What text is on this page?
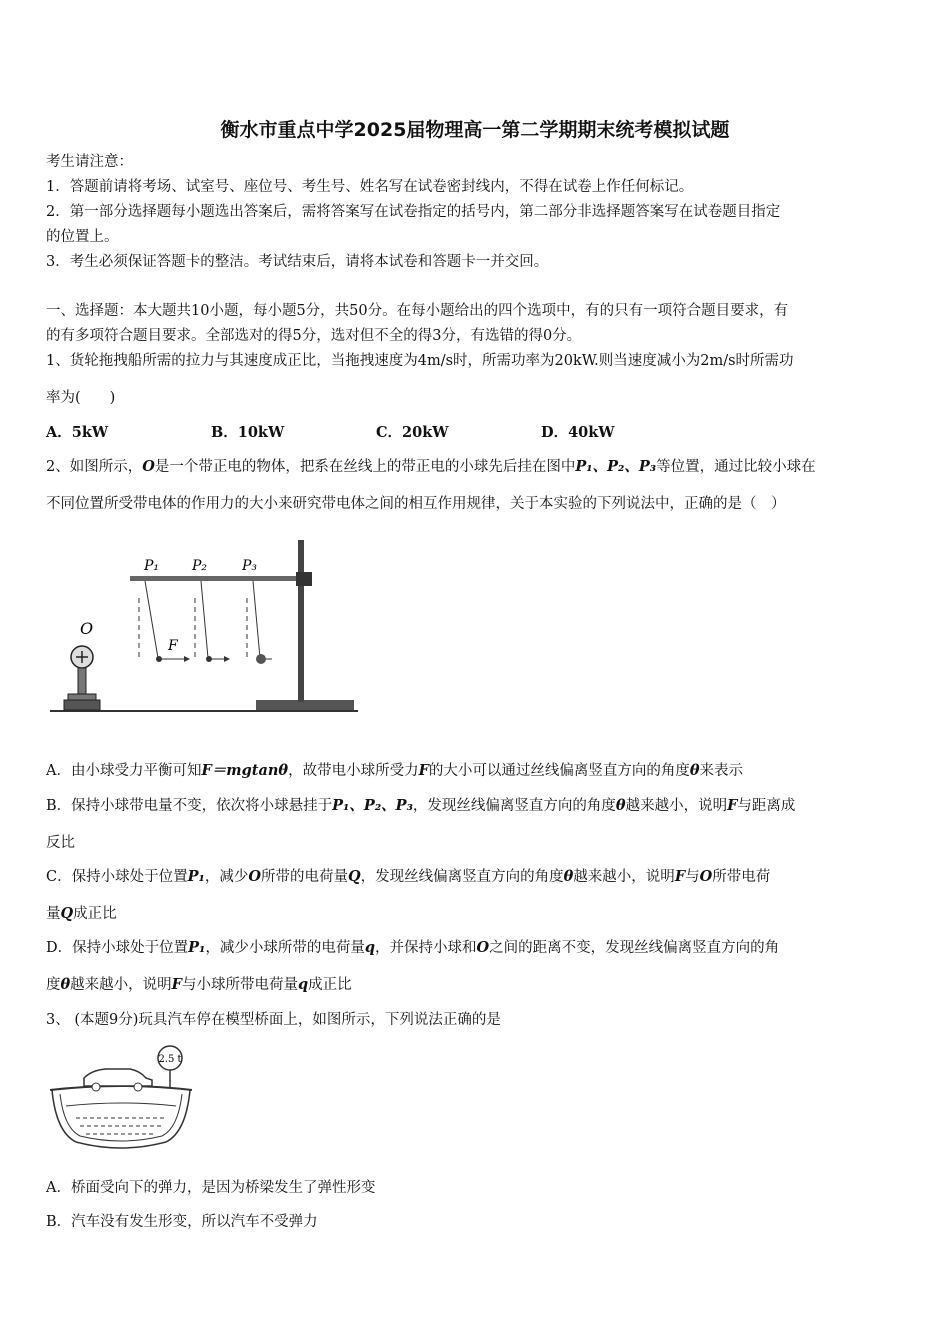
衡水市重点中学2025届物理高一第二学期期末统考模拟试题
考生请注意：
1．答题前请将考场、试室号、座位号、考生号、姓名写在试卷密封线内，不得在试卷上作任何标记。
2．第一部分选择题每小题选出答案后，需将答案写在试卷指定的括号内，第二部分非选择题答案写在试卷题目指定
的位置上。
3．考生必须保证答题卡的整洁。考试结束后，请将本试卷和答题卡一并交回。
一、选择题：本大题共10小题，每小题5分，共50分。在每小题给出的四个选项中，有的只有一项符合题目要求，有
的有多项符合题目要求。全部选对的得5分，选对但不全的得3分，有选错的得0分。
1、货轮拖拽船所需的拉力与其速度成正比，当拖拽速度为4m/s时，所需功率为20kW.则当速度减小为2m/s时所需功
率为(　　)
A．5kW	B．10kW	C．20kW	D．40kW
2、如图所示，O是一个带正电的物体，把系在丝线上的带正电的小球先后挂在图中P₁、P₂、P₃等位置，通过比较小球在
不同位置所受带电体的作用力的大小来研究带电体之间的相互作用规律，关于本实验的下列说法中，正确的是（　）
P₁ P₂ P₃
F
O
A．由小球受力平衡可知F＝mgtanθ，故带电小球所受力F的大小可以通过丝线偏离竖直方向的角度θ来表示
B．保持小球带电量不变，依次将小球悬挂于P₁、P₂、P₃，发现丝线偏离竖直方向的角度θ越来越小，说明F与距离成
反比
C．保持小球处于位置P₁，减少O所带的电荷量Q，发现丝线偏离竖直方向的角度θ越来越小，说明F与O所带电荷
量Q成正比
D．保持小球处于位置P₁，减少小球所带的电荷量q，并保持小球和O之间的距离不变，发现丝线偏离竖直方向的角
度θ越来越小，说明F与小球所带电荷量q成正比
3、 (本题9分)玩具汽车停在模型桥面上，如图所示，下列说法正确的是
2.5 t
A．桥面受向下的弹力，是因为桥梁发生了弹性形变
B．汽车没有发生形变，所以汽车不受弹力
